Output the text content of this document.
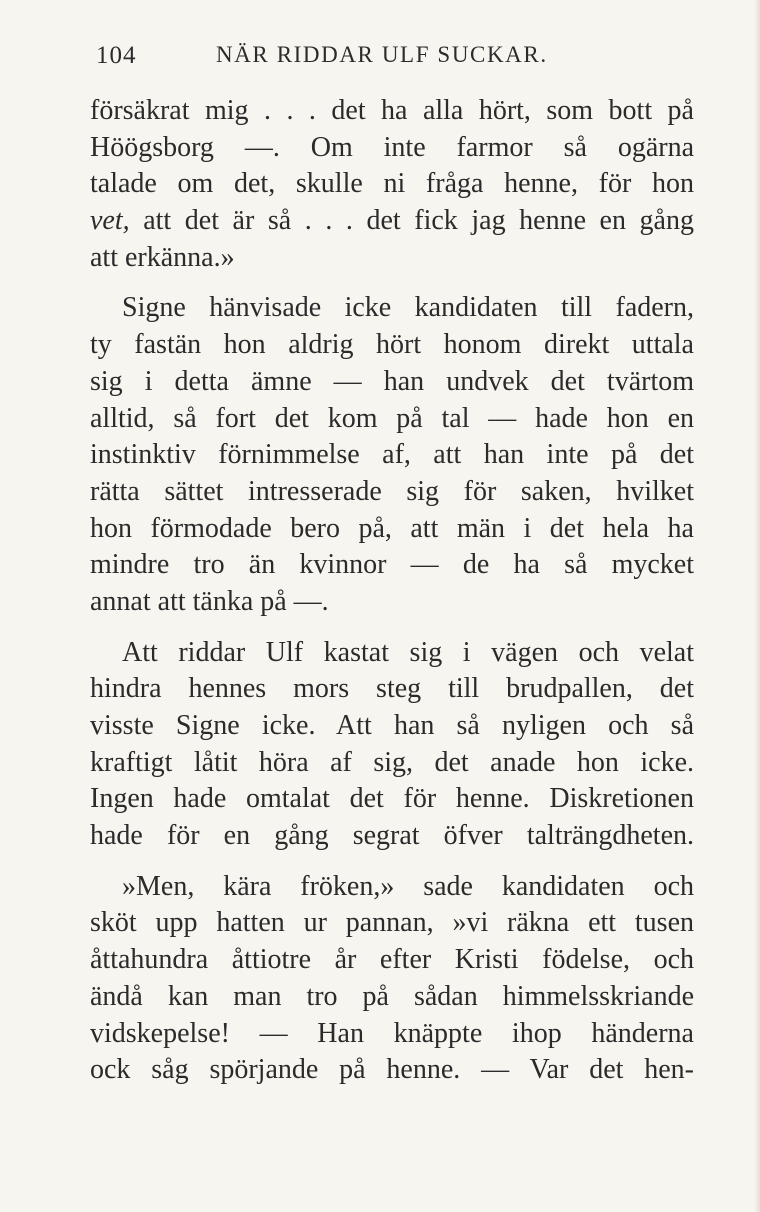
104	NÄR RIDDAR ULF SUCKAR.

försäkrat mig . . . det ha alla hört, som bott på
Höögsborg —. Om inte farmor så ogärna
talade om det, skulle ni fråga henne, för hon
vet, att det är så . . . det fick jag henne en gång
att erkänna.»

Signe hänvisade icke kandidaten till fadern,
ty fastän hon aldrig hört honom direkt uttala
sig i detta ämne — han undvek det tvärtom
alltid, så fort det kom på tal — hade hon en
instinktiv förnimmelse af, att han inte på det
rätta sättet intresserade sig för saken, hvilket
hon förmodade bero på, att män i det hela ha
mindre tro än kvinnor — de ha så mycket
annat att tänka på —.

Att riddar Ulf kastat sig i vägen och velat
hindra hennes mors steg till brudpallen, det
visste Signe icke. Att han så nyligen och så
kraftigt låtit höra af sig, det anade hon icke.
Ingen hade omtalat det för henne. Diskretionen
hade för en gång segrat öfver talträngdheten.

»Men, kära fröken,» sade kandidaten och
sköt upp hatten ur pannan, »vi räkna ett tusen
åttahundra åttiotre år efter Kristi födelse, och
ändå kan man tro på sådan himmelsskriande
vidskepelse! — Han knäppte ihop händerna
ock såg spörjande på henne. — Var det hen-
